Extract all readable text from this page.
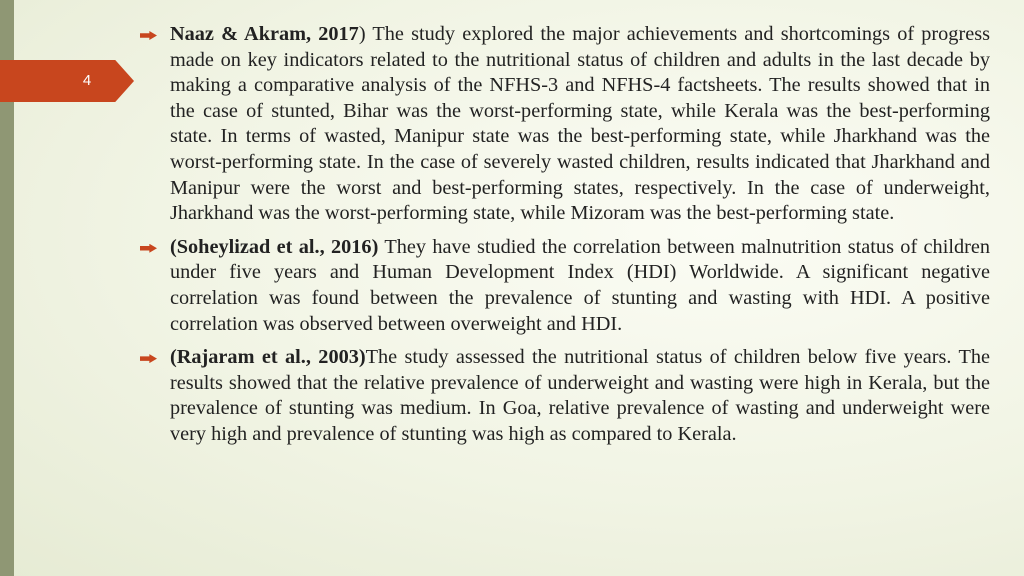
4
Naaz & Akram, 2017) The study explored the major achievements and shortcomings of progress made on key indicators related to the nutritional status of children and adults in the last decade by making a comparative analysis of the NFHS-3 and NFHS-4 factsheets. The results showed that in the case of stunted, Bihar was the worst-performing state, while Kerala was the best-performing state. In terms of wasted, Manipur state was the best-performing state, while Jharkhand was the worst-performing state. In the case of severely wasted children, results indicated that Jharkhand and Manipur were the worst and best-performing states, respectively. In the case of underweight, Jharkhand was the worst-performing state, while Mizoram was the best-performing state.
(Soheylizad et al., 2016) They have studied the correlation between malnutrition status of children under five years and Human Development Index (HDI) Worldwide. A significant negative correlation was found between the prevalence of stunting and wasting with HDI. A positive correlation was observed between overweight and HDI.
(Rajaram et al., 2003)The study assessed the nutritional status of children below five years. The results showed that the relative prevalence of underweight and wasting were high in Kerala, but the prevalence of stunting was medium. In Goa, relative prevalence of wasting and underweight were very high and prevalence of stunting was high as compared to Kerala.
